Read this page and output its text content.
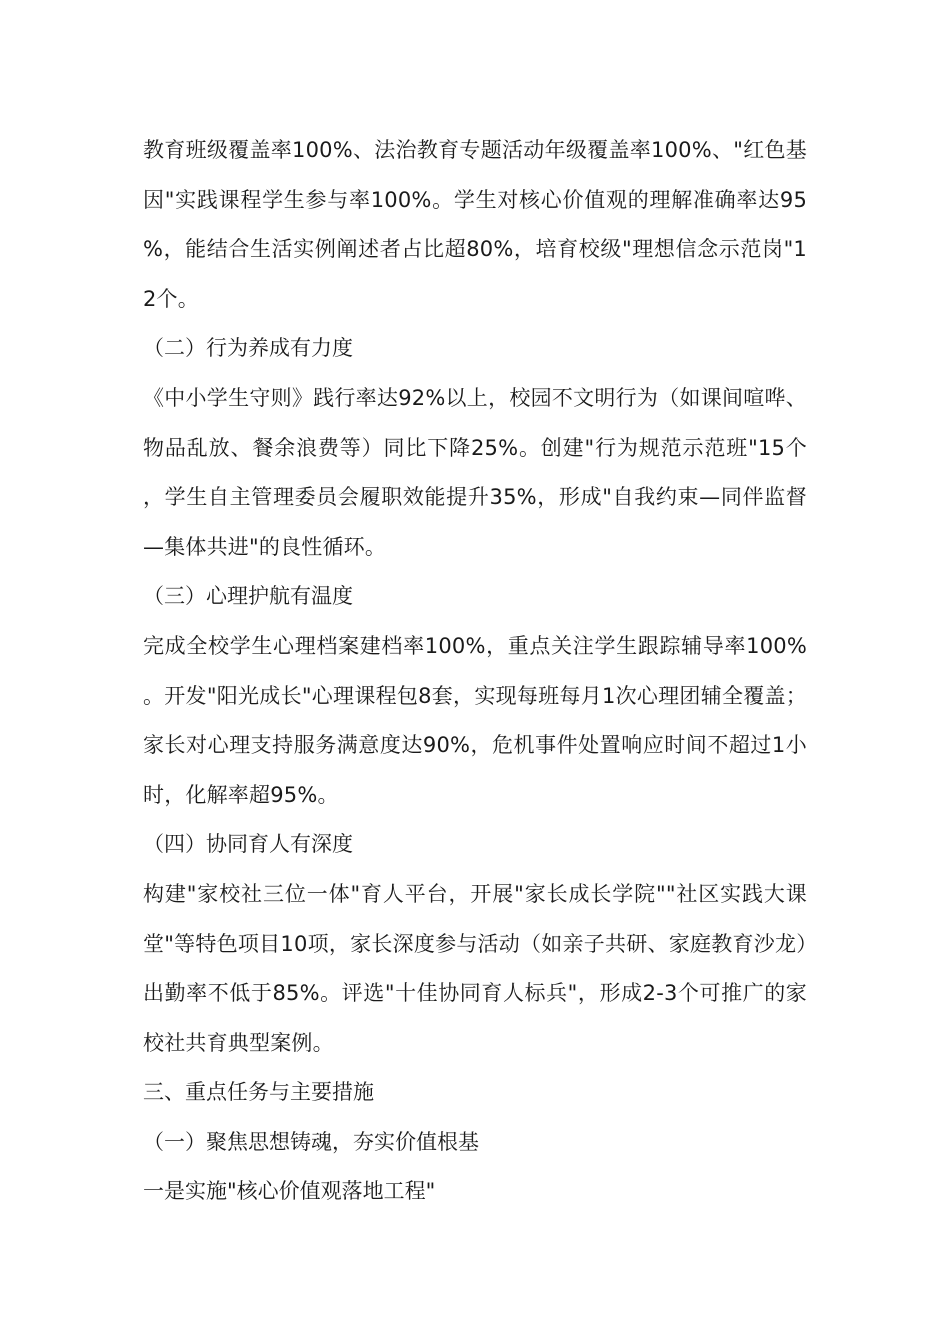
教育班级覆盖率100%、法治教育专题活动年级覆盖率100%、"红色基因"实践课程学生参与率100%。学生对核心价值观的理解准确率达95%，能结合生活实例阐述者占比超80%，培育校级"理想信念示范岗"12个。

（二）行为养成有力度

《中小学生守则》践行率达92%以上，校园不文明行为（如课间喧哗、物品乱放、餐余浪费等）同比下降25%。创建"行为规范示范班"15个，学生自主管理委员会履职效能提升35%，形成"自我约束—同伴监督—集体共进"的良性循环。

（三）心理护航有温度

完成全校学生心理档案建档率100%，重点关注学生跟踪辅导率100%。开发"阳光成长"心理课程包8套，实现每班每月1次心理团辅全覆盖；家长对心理支持服务满意度达90%，危机事件处置响应时间不超过1小时，化解率超95%。

（四）协同育人有深度

构建"家校社三位一体"育人平台，开展"家长成长学院""社区实践大课堂"等特色项目10项，家长深度参与活动（如亲子共研、家庭教育沙龙）出勤率不低于85%。评选"十佳协同育人标兵"，形成2-3个可推广的家校社共育典型案例。

三、重点任务与主要措施

（一）聚焦思想铸魂，夯实价值根基

一是实施"核心价值观落地工程"
